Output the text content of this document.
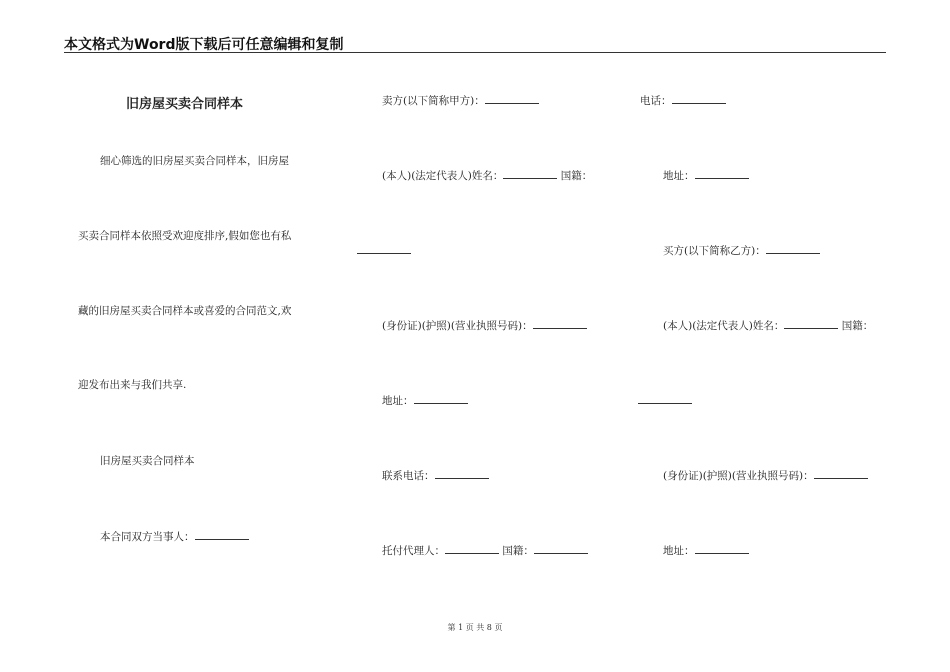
本文格式为Word版下载后可任意编辑和复制
旧房屋买卖合同样本
细心筛选的旧房屋买卖合同样本，旧房屋
买卖合同样本依照受欢迎度排序,假如您也有私
藏的旧房屋买卖合同样本或喜爱的合同范文,欢
迎发布出来与我们共享.
旧房屋买卖合同样本
本合同双方当事人：
卖方(以下简称甲方)：
(本人)(法定代表人)姓名：	国籍：
(身份证)(护照)(营业执照号码)：
地址：
联系电话：
托付代理人：	国籍：
电话：
地址：
买方(以下简称乙方)：
(本人)(法定代表人)姓名：	国籍：
(身份证)(护照)(营业执照号码)：
地址：
第 1 页 共 8 页
